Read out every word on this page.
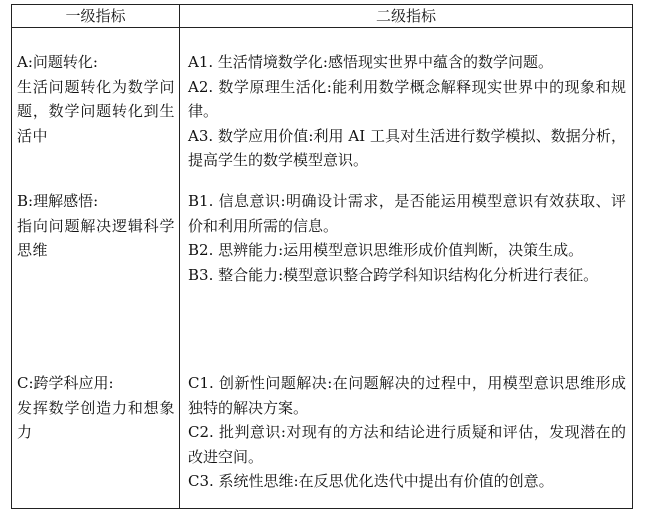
一级指标	二级指标

A:问题转化:

生活问题转化为数学问题，数学问题转化到生活中

A1. 生活情境数学化:感悟现实世界中蕴含的数学问题。

A2. 数学原理生活化:能利用数学概念解释现实世界中的现象和规律。

A3. 数学应用价值:利用 AI 工具对生活进行数学模拟、数据分析，提高学生的数学模型意识。

B:理解感悟:

指向问题解决逻辑科学思维

B1. 信息意识:明确设计需求，是否能运用模型意识有效获取、评价和利用所需的信息。

B2. 思辨能力:运用模型意识思维形成价值判断，决策生成。

B3. 整合能力:模型意识整合跨学科知识结构化分析进行表征。

C:跨学科应用:

发挥数学创造力和想象力

C1. 创新性问题解决:在问题解决的过程中，用模型意识思维形成独特的解决方案。

C2. 批判意识:对现有的方法和结论进行质疑和评估，发现潜在的改进空间。

C3. 系统性思维:在反思优化迭代中提出有价值的创意。
